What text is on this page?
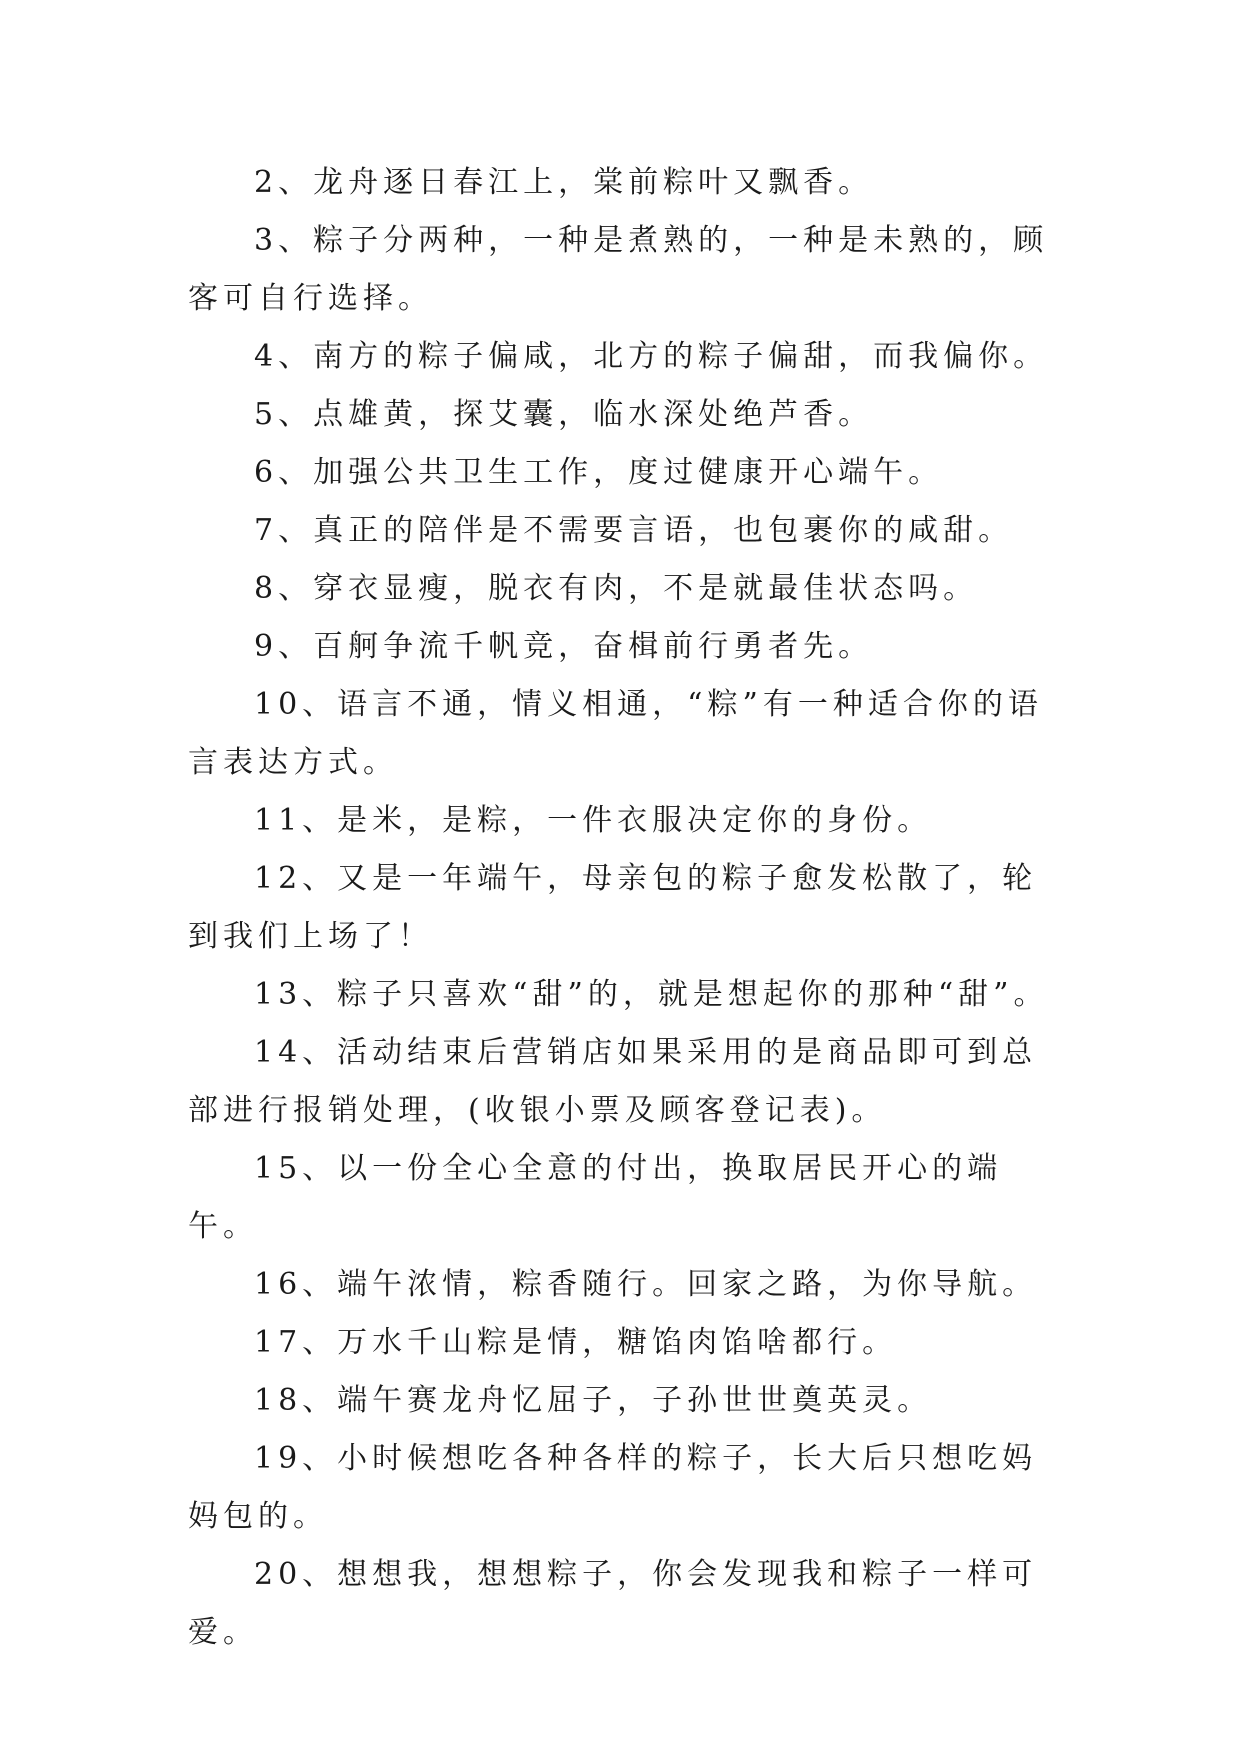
2、龙舟逐日春江上，棠前粽叶又飘香。

3、粽子分两种，一种是煮熟的，一种是未熟的，顾客可自行选择。

4、南方的粽子偏咸，北方的粽子偏甜，而我偏你。

5、点雄黄，探艾囊，临水深处绝芦香。

6、加强公共卫生工作，度过健康开心端午。

7、真正的陪伴是不需要言语，也包裹你的咸甜。

8、穿衣显瘦，脱衣有肉，不是就最佳状态吗。

9、百舸争流千帆竞，奋楫前行勇者先。

10、语言不通，情义相通，“粽”有一种适合你的语言表达方式。

11、是米，是粽，一件衣服决定你的身份。

12、又是一年端午，母亲包的粽子愈发松散了，轮到我们上场了！

13、粽子只喜欢“甜”的，就是想起你的那种“甜”。

14、活动结束后营销店如果采用的是商品即可到总部进行报销处理，(收银小票及顾客登记表)。

15、以一份全心全意的付出，换取居民开心的端午。

16、端午浓情，粽香随行。回家之路，为你导航。

17、万水千山粽是情，糖馅肉馅啥都行。

18、端午赛龙舟忆屈子，子孙世世奠英灵。

19、小时候想吃各种各样的粽子，长大后只想吃妈妈包的。

20、想想我，想想粽子，你会发现我和粽子一样可爱。
